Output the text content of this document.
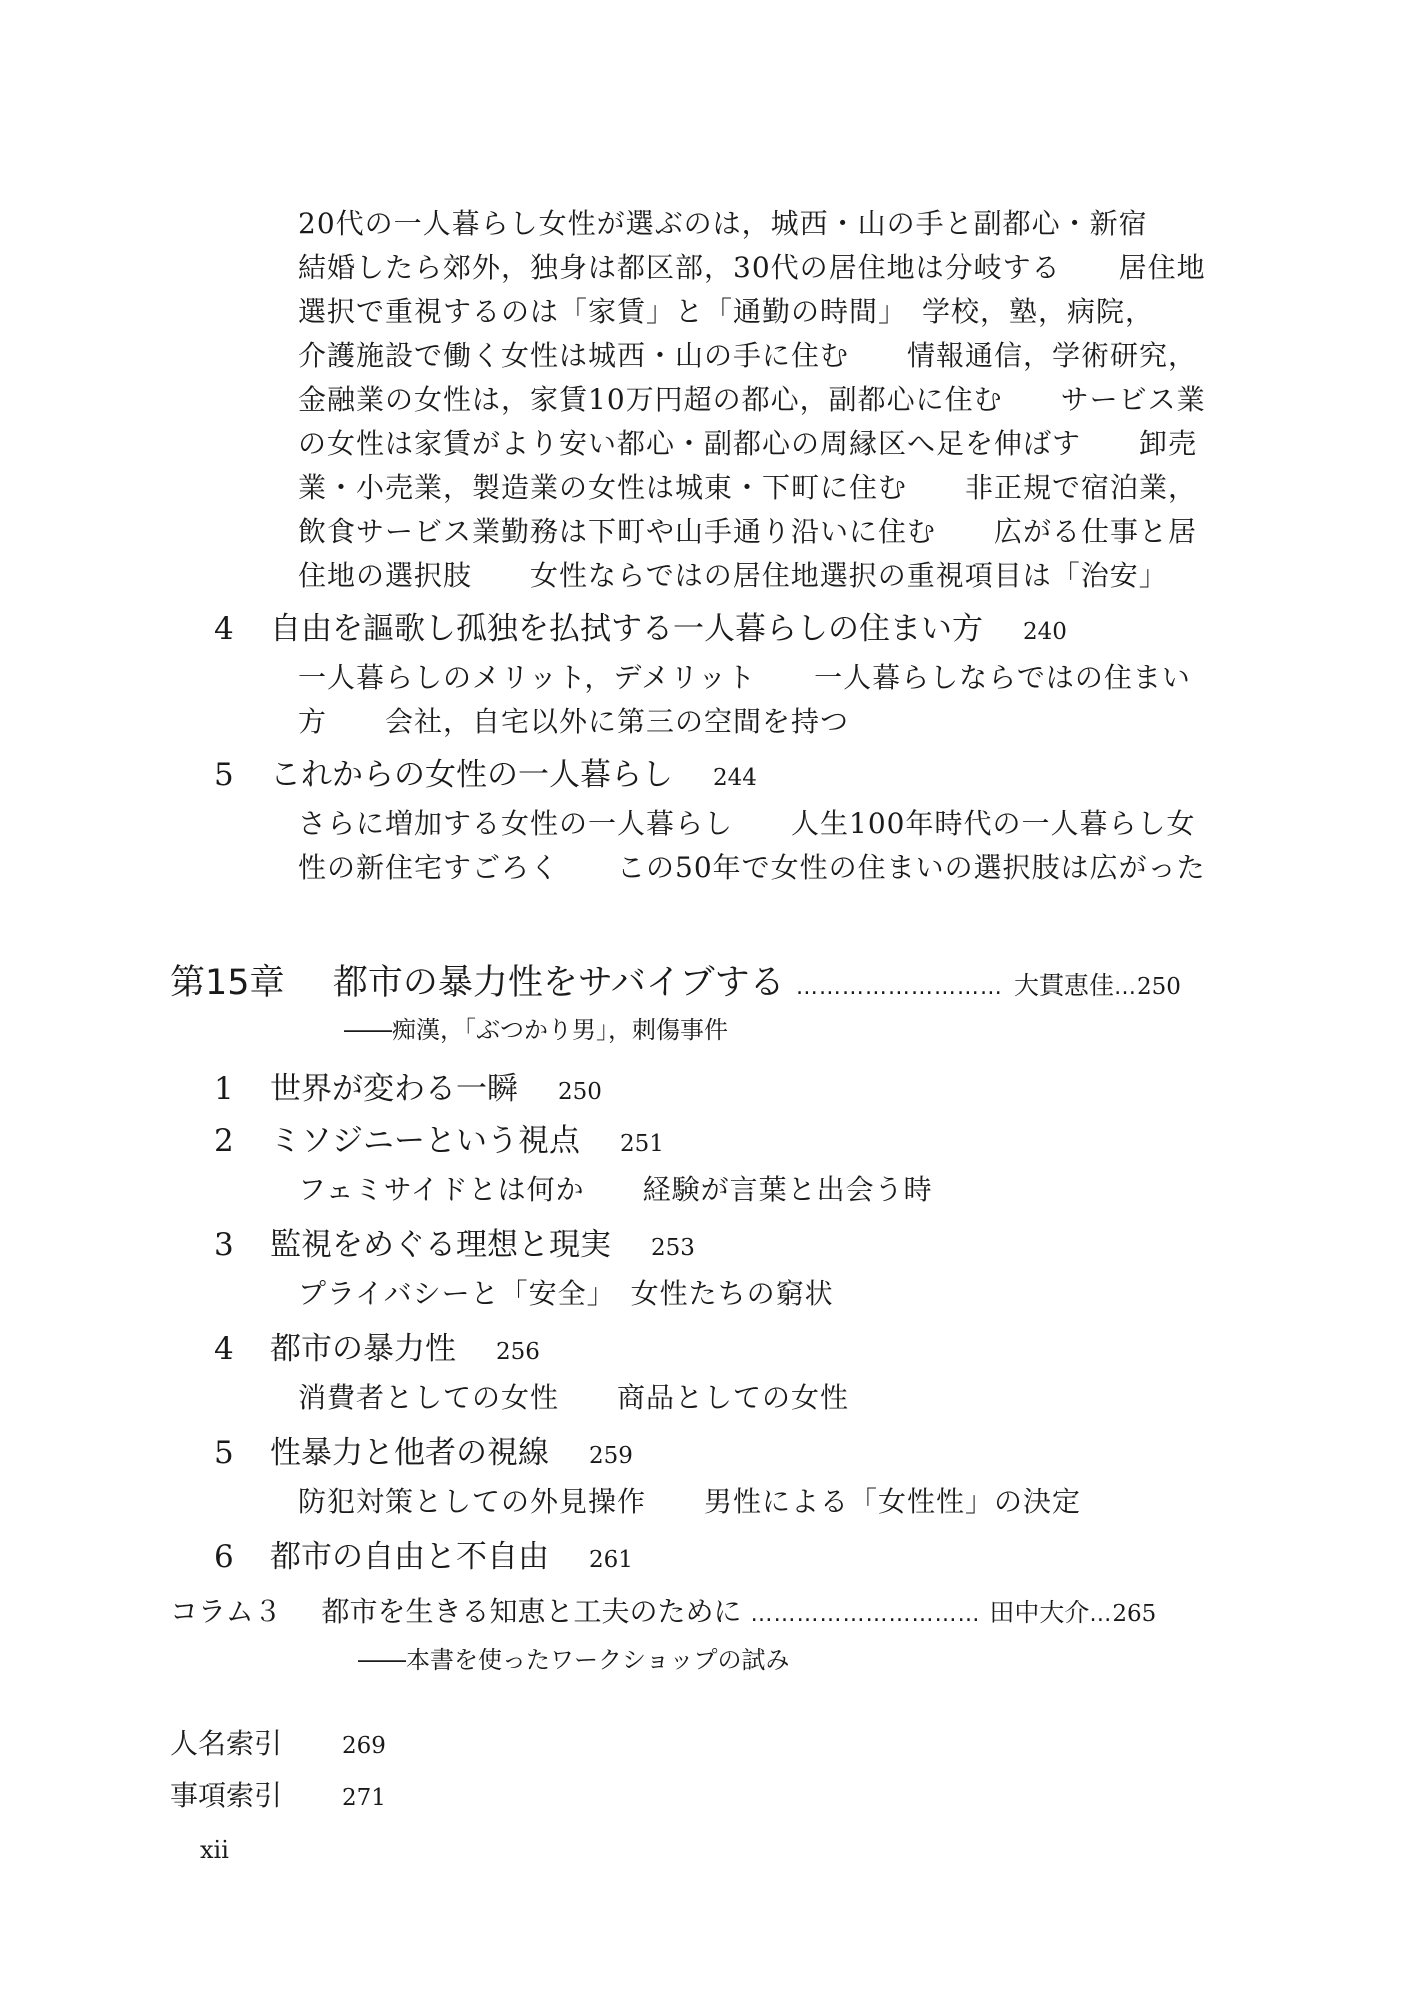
20代の一人暮らし女性が選ぶのは，城西・山の手と副都心・新宿
結婚したら郊外，独身は都区部，30代の居住地は分岐する　　居住地
選択で重視するのは「家賃」と「通勤の時間」　学校，塾，病院，
介護施設で働く女性は城西・山の手に住む　　情報通信，学術研究，
金融業の女性は，家賃10万円超の都心，副都心に住む　　サービス業
の女性は家賃がより安い都心・副都心の周縁区へ足を伸ばす　　卸売
業・小売業，製造業の女性は城東・下町に住む　　非正規で宿泊業，
飲食サービス業勤務は下町や山手通り沿いに住む　　広がる仕事と居
住地の選択肢　　女性ならではの居住地選択の重視項目は「治安」
4 自由を謳歌し孤独を払拭する一人暮らしの住まい方 240
一人暮らしのメリット，デメリット　　一人暮らしならではの住まい
方　　会社，自宅以外に第三の空間を持つ
5 これからの女性の一人暮らし 244
さらに増加する女性の一人暮らし　　人生100年時代の一人暮らし女
性の新住宅すごろく　　この50年で女性の住まいの選択肢は広がった
第15章 都市の暴力性をサバイブする ……………………… 大貫恵佳…250
――痴漢，「ぶつかり男」，刺傷事件
1 世界が変わる一瞬 250
2 ミソジニーという視点 251
フェミサイドとは何か　　経験が言葉と出会う時
3 監視をめぐる理想と現実 253
プライバシーと「安全」　女性たちの窮状
4 都市の暴力性 256
消費者としての女性　　商品としての女性
5 性暴力と他者の視線 259
防犯対策としての外見操作　　男性による「女性性」の決定
6 都市の自由と不自由 261
コラム３ 都市を生きる知恵と工夫のために ………………………… 田中大介…265
――本書を使ったワークショップの試み
人名索引	269
事項索引	271
xii
